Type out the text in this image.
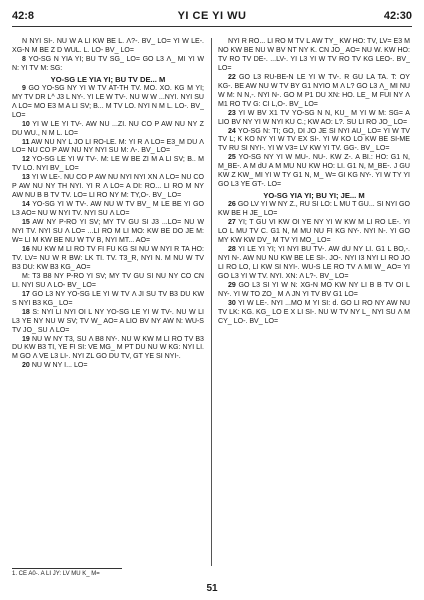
42:8	YI CE YI WU	42:30

N NYI SI-. NU W A LI KW BE L. Λ?-. BV_ LO= YI W LE-. XG-N M BE Z D WUL. L. LO- BV_ LO=

8 YO-SG N YIA YI; BU TV SG_ LO= GO L3 Λ_ MI YI W N: YI TV M: SG:

YO-SG LE YIA YI; BU TV DE... M

9 GO YO-SG NY YI W TV AT-TH TV. MO. XO. KG M YI; MY TV DR L^ J3 L NY-. YI LE W TV-. NU W W ...NYI. NYI SU Λ LO= MO E3 M A LI SV; B... M TV LO. NYI N M L. LO-. BV_ LO=

10 YI W LE YI TV-. AW NU ...ZI. NU CO P AW NU NY Z DU WU., N M L. LO=

11 AW NU NY L JO LI RO-LE. M: YI R Λ LO= E3_M DU Λ LO= NU CO P AW NU NY NYI SU M: Λ-. BV_ LO=

12 YO-SG LE YI W TV-. M: LE W BE ZI M A LI SV; B.. M TV LO. NYI BV_ LO=

13 YI W LE-. NU CO P AW NU NYI NYI XN Λ LO= NU CO P AW NU NY TH NYI. YI R Λ LO= A DI: RO... LI RO M NY AW NU B B TV TV. LO= LI RO NY M: TY,O-. BV_ LO=

14 YO-SG YI W TV-. AW NU W TV BV_ M LE BE YI GO L3 AO= NU W NYI TV. NYI SU Λ LO=

15 AW NY P-RO YI SV; MY TV GU SI J3 ...LO= NU W NYI TV. NYI SU Λ LO= ...LI RO M LI MO: KW BE DO JE M: W= LI M KW BE NU W TV B, NYI MT... AO=

16 NU KW M LI RO TV FI FU KG SI NU W NYI R TA HO: TV. LV= NU W R BW: LK TI. TV. T3_R, NYI N. M NU W TV B3 DU: KW B3 KG_ AO=

M: T3 B8 NY P-RO YI SV; MY TV GU SI NU NY CO CN LI. NYI SU Λ LO- BV_ LO=

17 GO L3 NY YO-SG LE YI W TV Λ JI SU TV B3 DU KW S NYI B3 KG_ LO=

18 S: NYI LI NYI OI L NY YO-SG LE YI W TV-. NU W LI L3 YE NY NU W SV; TV W_ AO= A LIO BV NY AW N: WU-S TV JO_ SU Λ LO=

19 NU W NY T3, SU Λ B8 NY-. NU W KW M LI RO TV B3 DU KW B3 TI, YE FI SI: VE MG_ M PT DU NU W KG: NYI LI. M GO Λ VE L3 LI-. NYI ZL GO DU TV, GT YE SI NYI-.

20 NU W NY I... LO=

NYI R RO... LI RO M TV L AW TY_ KW HO: TV, LV= E3 M NO KW BE NU W BV NT NY K. CN JO_ AO= NU W. KW HO: TV RO TV DE-. ...LV-. YI L3 YI W TV RO TV KG LEO-. BV_ LO=

22 GO L3 RU-BE-N LE YI W TV-. R GU LA TA. T: OY KG-. BE AW NU W TV BY G1 NYIO M Λ L? GO L3 Λ_ MI NU W M: N N,-. NYI N-. GO M P1 DU XN: HO. LE_ M FUI NY Λ M1 RO TV G: CI L,O-. BV_ LO=

23 YI W BV X1 TV YO-SG N N, KU_ M YI W M: SG= A LIO BV NY YI W NYI KU C.; KW AO: L?. SU LI RO JO_ LO=

24 YO-SG N: TI; GO, DI JO JE SI NYI AU_ LO= YI W TV TV L; K KO NY YI W TV EX SI-. YI W KO LO KW BE SI-ME TV RU SI NYI-. YI W V3= LV KW YI TV. GG-. BV_ LO=

25 YO-SG NY YI W MU-. NU-. KW Z-. A BI.: HO: G1 N, M_BE-. A M dU A M MU NU KW HO: LI. G1 N, M_BE-. J GU KW Z KW_ MI YI W TY G1 N, M_ W= GI KG NY-. YI W TY YI GO L3 YE GT-. LO=

YO-SG YIA YI; BU YI; JE... M

26 GO LV YI W NY Z., RU SI LO: L MU T GU... SI NYI GO KW BE H JE_ LO=

27 YI; T GU VI KW OI YE NY YI W KW M LI RO LE-. YI LO L MU TV C. G1 N, M MU NU FI KG NY-. NYI N-. YI GO MY KW KW DV_ M TV YI MO_ LO=

28 YI LE YI YI; YI NYI BU TV-. AW dU NY LI. G1 L BO,-. NYI N-. AW NU NU KW BE LE SI-. JO-. NYI I3 NYI LI RO JO LI RO LO, LI KW SI NYI-. WU-S LE RO TV Λ MI W_ AO= YI GO L3 YI W TV. NYI. XN: Λ L?-. BV_ LO=

29 GO L3 SI YI W N: XG-N MO KW NY LI B B TV OI L NY-. YI W TO ZO_ M Λ JN YI TV BV G1 LO=

30 YI W LE-. NYI ...MO M YI SI: d. GO LI RO NY AW NU TV LK: KG. KG_ LO E X LI SI-. NU W TV NY L_ NYI SU Λ M CY_ LO-. BV_ LO=

1. CE A0-. A LI JY: LV MU K_ M=
51
